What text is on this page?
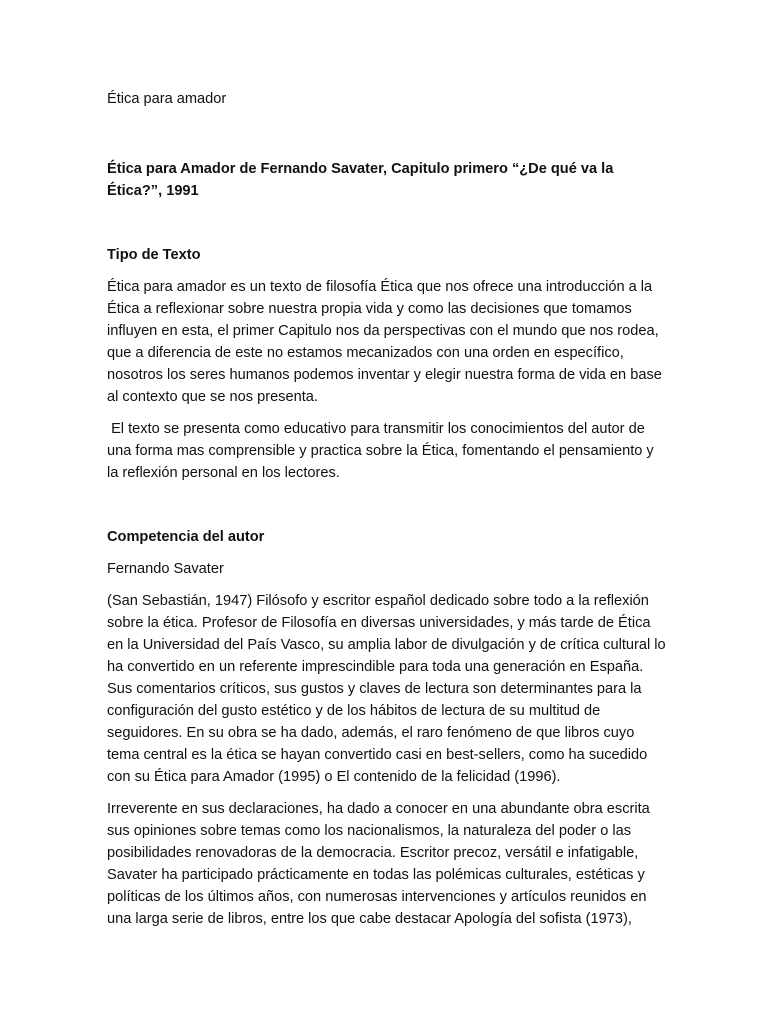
Ética para amador

Ética para Amador de Fernando Savater, Capitulo primero “¿De qué va la Ética?”, 1991

Tipo de Texto

Ética para amador es un texto de filosofía Ética que nos ofrece una introducción a la Ética a reflexionar sobre nuestra propia vida y como las decisiones que tomamos influyen en esta, el primer Capitulo nos da perspectivas con el mundo que nos rodea, que a diferencia de este no estamos mecanizados con una orden en específico, nosotros los seres humanos podemos inventar y elegir nuestra forma de vida en base al contexto que se nos presenta.

El texto se presenta como educativo para transmitir los conocimientos del autor de una forma mas comprensible y practica sobre la Ética, fomentando el pensamiento y la reflexión personal en los lectores.

Competencia del autor

Fernando Savater

(San Sebastián, 1947) Filósofo y escritor español dedicado sobre todo a la reflexión sobre la ética. Profesor de Filosofía en diversas universidades, y más tarde de Ética en la Universidad del País Vasco, su amplia labor de divulgación y de crítica cultural lo ha convertido en un referente imprescindible para toda una generación en España. Sus comentarios críticos, sus gustos y claves de lectura son determinantes para la configuración del gusto estético y de los hábitos de lectura de su multitud de seguidores. En su obra se ha dado, además, el raro fenómeno de que libros cuyo tema central es la ética se hayan convertido casi en best-sellers, como ha sucedido con su Ética para Amador (1995) o El contenido de la felicidad (1996).

Irreverente en sus declaraciones, ha dado a conocer en una abundante obra escrita sus opiniones sobre temas como los nacionalismos, la naturaleza del poder o las posibilidades renovadoras de la democracia. Escritor precoz, versátil e infatigable, Savater ha participado prácticamente en todas las polémicas culturales, estéticas y políticas de los últimos años, con numerosas intervenciones y artículos reunidos en una larga serie de libros, entre los que cabe destacar Apología del sofista (1973),
